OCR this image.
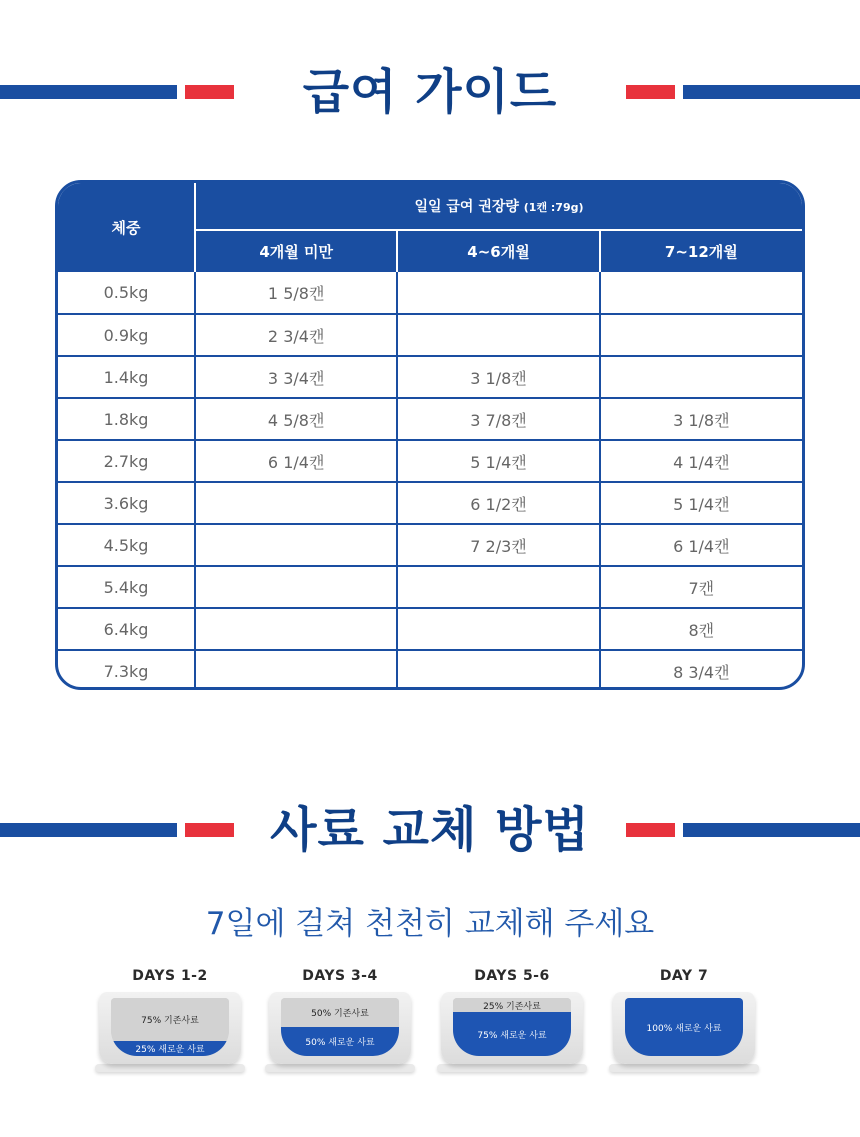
급여 가이드
체중	일일 급여 권장량 (1캔 :79g)		
	4개월 미만	4~6개월	7~12개월
0.5kg	1 5/8캔		
0.9kg	2 3/4캔		
1.4kg	3 3/4캔	3 1/8캔	
1.8kg	4 5/8캔	3 7/8캔	3 1/8캔
2.7kg	6 1/4캔	5 1/4캔	4 1/4캔
3.6kg		6 1/2캔	5 1/4캔
4.5kg		7 2/3캔	6 1/4캔
5.4kg			7캔
6.4kg			8캔
7.3kg			8 3/4캔
사료 교체 방법
7일에 걸쳐 천천히 교체해 주세요
DAYS 1-2
75% 기존사료
25% 새로운 사료
DAYS 3-4
50% 기존사료
50% 새로운 사료
DAYS 5-6
25% 기존사료
75% 새로운 사료
DAY 7
100% 새로운 사료
